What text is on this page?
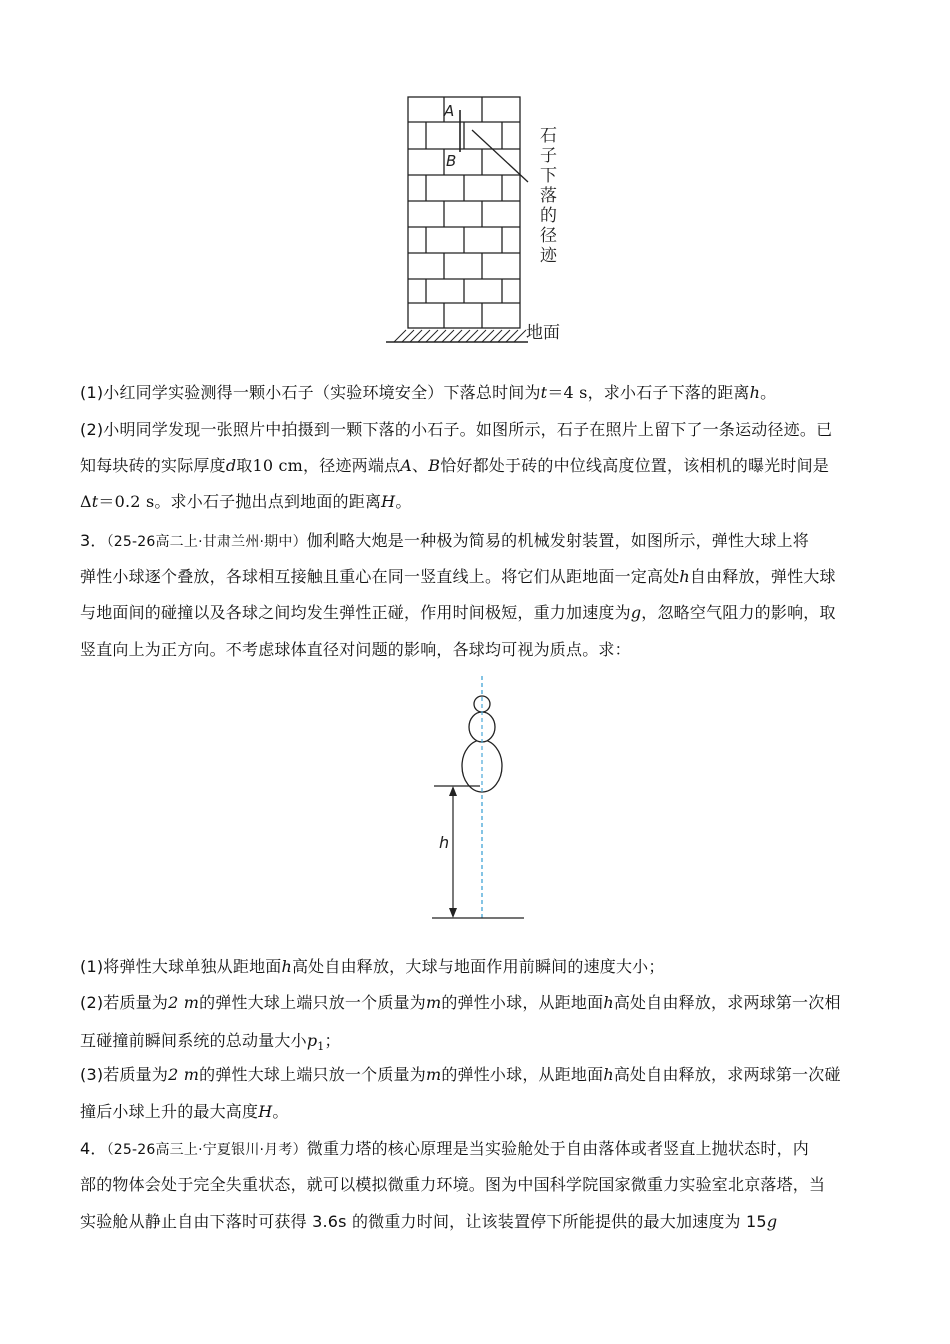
A
B
石
子
下
落
的
径
迹
地面
(1)小红同学实验测得一颗小石子（实验环境安全）下落总时间为t＝4 s，求小石子下落的距离h。
(2)小明同学发现一张照片中拍摄到一颗下落的小石子。如图所示，石子在照片上留下了一条运动径迹。已
知每块砖的实际厚度d取10 cm，径迹两端点A、B恰好都处于砖的中位线高度位置，该相机的曝光时间是
Δt＝0.2 s。求小石子抛出点到地面的距离H。
3．（25-26高二上·甘肃兰州·期中）伽利略大炮是一种极为简易的机械发射装置，如图所示，弹性大球上将
弹性小球逐个叠放，各球相互接触且重心在同一竖直线上。将它们从距地面一定高处h自由释放，弹性大球
与地面间的碰撞以及各球之间均发生弹性正碰，作用时间极短，重力加速度为g，忽略空气阻力的影响，取
竖直向上为正方向。不考虑球体直径对问题的影响，各球均可视为质点。求：
h
(1)将弹性大球单独从距地面h高处自由释放，大球与地面作用前瞬间的速度大小；
(2)若质量为2 m的弹性大球上端只放一个质量为m的弹性小球，从距地面h高处自由释放，求两球第一次相
互碰撞前瞬间系统的总动量大小$p_1$；
(3)若质量为2 m的弹性大球上端只放一个质量为m的弹性小球，从距地面h高处自由释放，求两球第一次碰
撞后小球上升的最大高度H。
4．（25-26高三上·宁夏银川·月考）微重力塔的核心原理是当实验舱处于自由落体或者竖直上抛状态时，内
部的物体会处于完全失重状态，就可以模拟微重力环境。图为中国科学院国家微重力实验室北京落塔，当
实验舱从静止自由下落时可获得 3.6s 的微重力时间，让该装置停下所能提供的最大加速度为 15g
